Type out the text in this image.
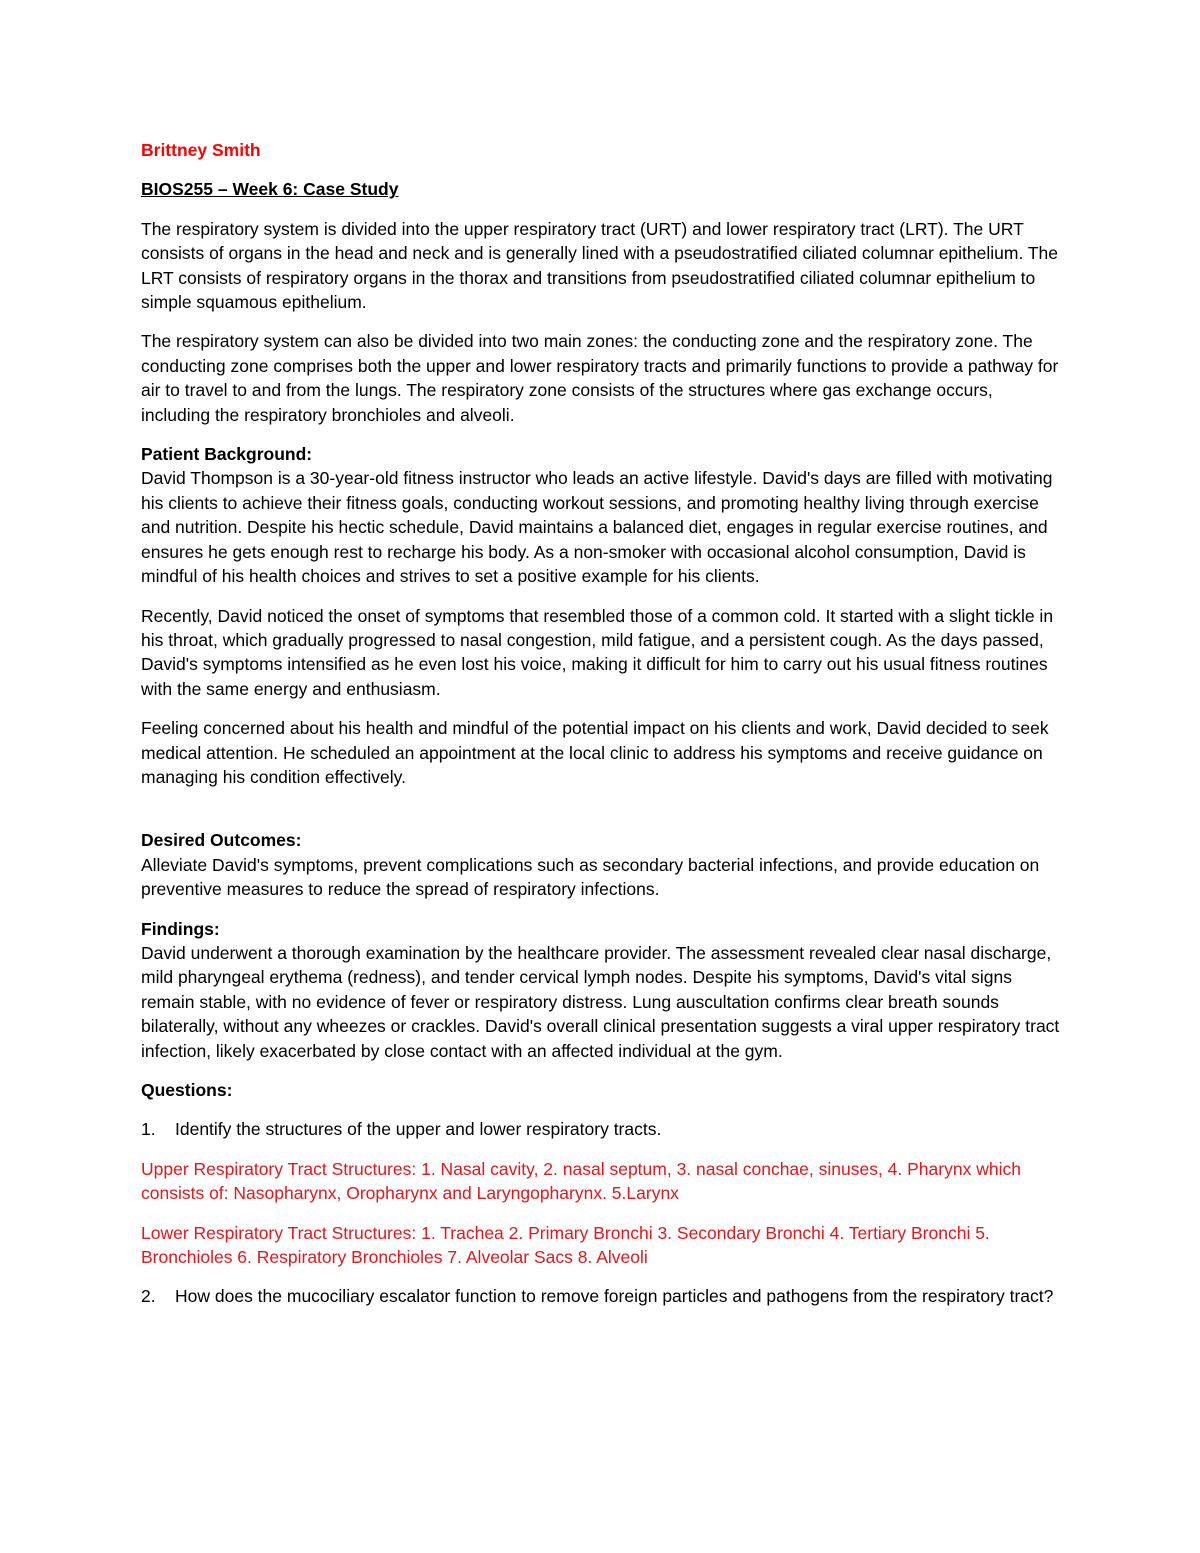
Brittney Smith

BIOS255 – Week 6: Case Study

The respiratory system is divided into the upper respiratory tract (URT) and lower respiratory tract (LRT). The URT consists of organs in the head and neck and is generally lined with a pseudostratified ciliated columnar epithelium. The LRT consists of respiratory organs in the thorax and transitions from pseudostratified ciliated columnar epithelium to simple squamous epithelium.

The respiratory system can also be divided into two main zones: the conducting zone and the respiratory zone. The conducting zone comprises both the upper and lower respiratory tracts and primarily functions to provide a pathway for air to travel to and from the lungs. The respiratory zone consists of the structures where gas exchange occurs, including the respiratory bronchioles and alveoli.

Patient Background:

David Thompson is a 30-year-old fitness instructor who leads an active lifestyle. David's days are filled with motivating his clients to achieve their fitness goals, conducting workout sessions, and promoting healthy living through exercise and nutrition. Despite his hectic schedule, David maintains a balanced diet, engages in regular exercise routines, and ensures he gets enough rest to recharge his body. As a non-smoker with occasional alcohol consumption, David is mindful of his health choices and strives to set a positive example for his clients.

Recently, David noticed the onset of symptoms that resembled those of a common cold. It started with a slight tickle in his throat, which gradually progressed to nasal congestion, mild fatigue, and a persistent cough. As the days passed, David's symptoms intensified as he even lost his voice, making it difficult for him to carry out his usual fitness routines with the same energy and enthusiasm.

Feeling concerned about his health and mindful of the potential impact on his clients and work, David decided to seek medical attention. He scheduled an appointment at the local clinic to address his symptoms and receive guidance on managing his condition effectively.

Desired Outcomes:

Alleviate David's symptoms, prevent complications such as secondary bacterial infections, and provide education on preventive measures to reduce the spread of respiratory infections.

Findings:

David underwent a thorough examination by the healthcare provider. The assessment revealed clear nasal discharge, mild pharyngeal erythema (redness), and tender cervical lymph nodes. Despite his symptoms, David's vital signs remain stable, with no evidence of fever or respiratory distress. Lung auscultation confirms clear breath sounds bilaterally, without any wheezes or crackles. David's overall clinical presentation suggests a viral upper respiratory tract infection, likely exacerbated by close contact with an affected individual at the gym.

Questions:

1.	Identify the structures of the upper and lower respiratory tracts.

Upper Respiratory Tract Structures: 1. Nasal cavity, 2. nasal septum, 3. nasal conchae, sinuses, 4. Pharynx which consists of: Nasopharynx, Oropharynx and Laryngopharynx. 5.Larynx

Lower Respiratory Tract Structures: 1. Trachea 2. Primary Bronchi 3. Secondary Bronchi 4. Tertiary Bronchi 5. Bronchioles 6. Respiratory Bronchioles 7. Alveolar Sacs 8. Alveoli

2.	How does the mucociliary escalator function to remove foreign particles and pathogens from the respiratory tract?
